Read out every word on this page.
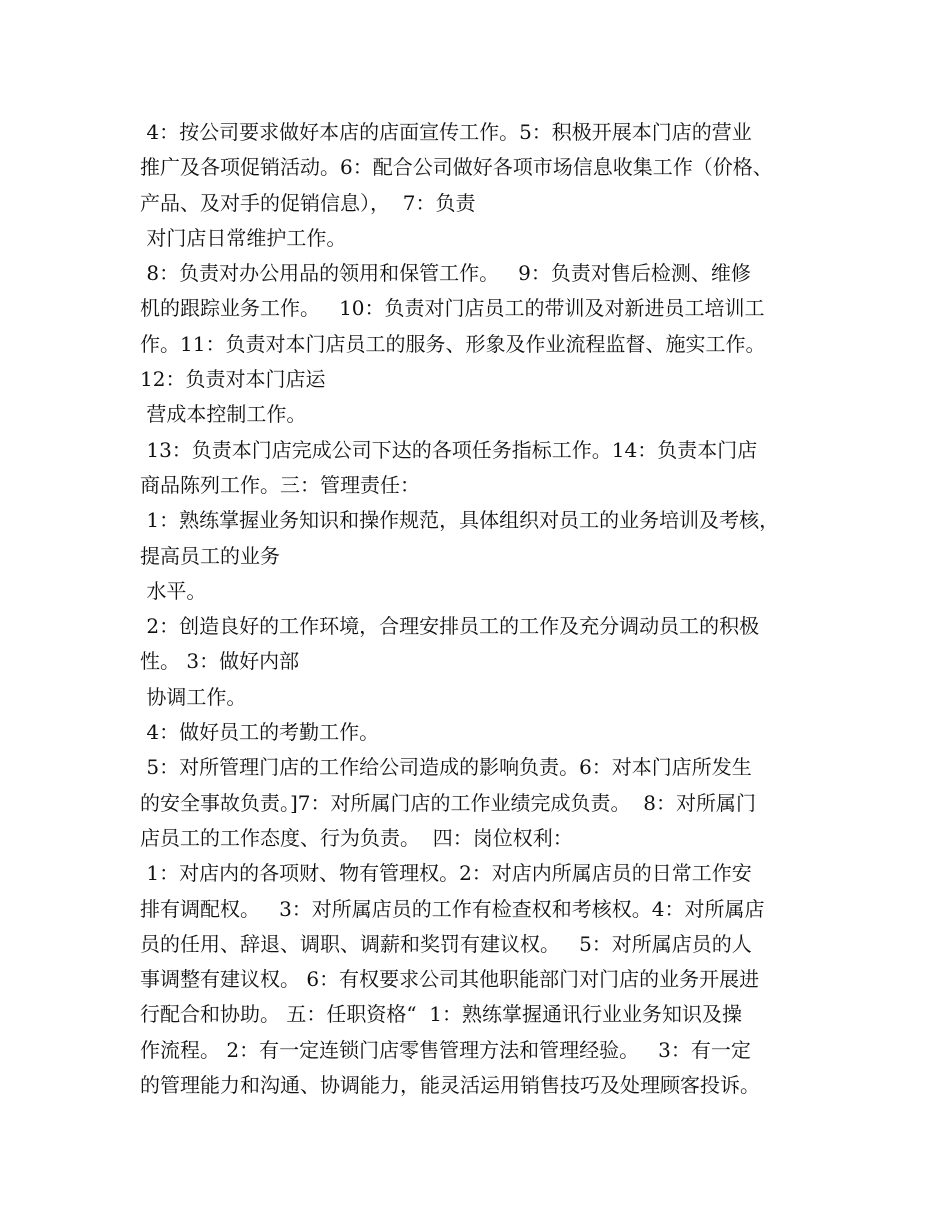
4：按公司要求做好本店的店面宣传工作。5：积极开展本门店的营业
推广及各项促销活动。6：配合公司做好各项市场信息收集工作（价格、
产品、及对手的促销信息），  7：负责
对门店日常维护工作。
8：负责对办公用品的领用和保管工作。   9：负责对售后检测、维修
机的跟踪业务工作。   10：负责对门店员工的带训及对新进员工培训工
作。11：负责对本门店员工的服务、形象及作业流程监督、施实工作。
12：负责对本门店运
营成本控制工作。
13：负责本门店完成公司下达的各项任务指标工作。14：负责本门店
商品陈列工作。三：管理责任：
1：熟练掌握业务知识和操作规范，具体组织对员工的业务培训及考核，
提高员工的业务
水平。
2：创造良好的工作环境，合理安排员工的工作及充分调动员工的积极
性。 3：做好内部
协调工作。
4：做好员工的考勤工作。
5：对所管理门店的工作给公司造成的影响负责。6：对本门店所发生
的安全事故负责。]7：对所属门店的工作业绩完成负责。  8：对所属门
店员工的工作态度、行为负责。  四：岗位权利：
1：对店内的各项财、物有管理权。2：对店内所属店员的日常工作安
排有调配权。   3：对所属店员的工作有检查权和考核权。4：对所属店
员的任用、辞退、调职、调薪和奖罚有建议权。   5：对所属店员的人
事调整有建议权。 6：有权要求公司其他职能部门对门店的业务开展进
行配合和协助。 五：任职资格“  1：熟练掌握通讯行业业务知识及操
作流程。 2：有一定连锁门店零售管理方法和管理经验。   3：有一定
的管理能力和沟通、协调能力，能灵活运用销售技巧及处理顾客投诉。
